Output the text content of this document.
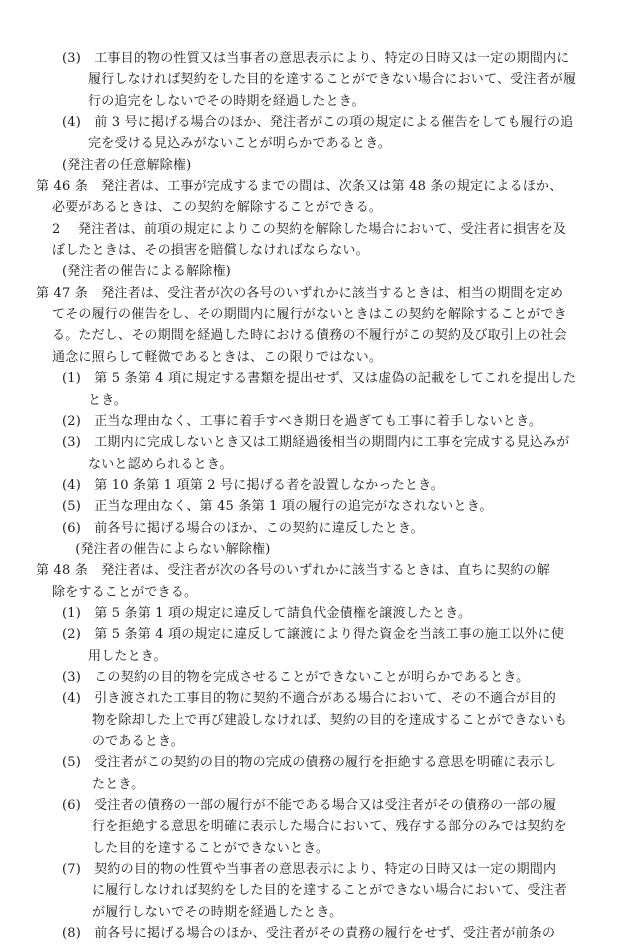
(3)　工事目的物の性質又は当事者の意思表示により、特定の日時又は一定の期間内に
履行しなければ契約をした目的を達することができない場合において、受注者が履
行の追完をしないでその時期を経過したとき。
(4)　前 3 号に掲げる場合のほか、発注者がこの項の規定による催告をしても履行の追
完を受ける見込みがないことが明らかであるとき。
(発注者の任意解除権)
第 46 条　発注者は、工事が完成するまでの間は、次条又は第 48 条の規定によるほか、
必要があるときは、この契約を解除することができる。
2　 発注者は、前項の規定によりこの契約を解除した場合において、受注者に損害を及
ぼしたときは、その損害を賠償しなければならない。
(発注者の催告による解除権)
第 47 条　発注者は、受注者が次の各号のいずれかに該当するときは、相当の期間を定め
てその履行の催告をし、その期間内に履行がないときはこの契約を解除することができ
る。ただし、その期間を経過した時における債務の不履行がこの契約及び取引上の社会
通念に照らして軽微であるときは、この限りではない。
(1)　第 5 条第 4 項に規定する書類を提出せず、又は虚偽の記載をしてこれを提出した
とき。
(2)　正当な理由なく、工事に着手すべき期日を過ぎても工事に着手しないとき。
(3)　工期内に完成しないとき又は工期経過後相当の期間内に工事を完成する見込みが
ないと認められるとき。
(4)　第 10 条第 1 項第 2 号に掲げる者を設置しなかったとき。
(5)　正当な理由なく、第 45 条第 1 項の履行の追完がなされないとき。
(6)　前各号に掲げる場合のほか、この契約に違反したとき。
　(発注者の催告によらない解除権)
第 48 条　発注者は、受注者が次の各号のいずれかに該当するときは、直ちに契約の解
除をすることができる。
(1)　第 5 条第 1 項の規定に違反して請負代金債権を譲渡したとき。
(2)　第 5 条第 4 項の規定に違反して譲渡により得た資金を当該工事の施工以外に使
用したとき。
(3)　この契約の目的物を完成させることができないことが明らかであるとき。
(4)　引き渡された工事目的物に契約不適合がある場合において、その不適合が目的
物を除却した上で再び建設しなければ、契約の目的を達成することができないも
のであるとき。
(5)　受注者がこの契約の目的物の完成の債務の履行を拒絶する意思を明確に表示し
たとき。
(6)　受注者の債務の一部の履行が不能である場合又は受注者がその債務の一部の履
行を拒絶する意思を明確に表示した場合において、残存する部分のみでは契約を
した目的を達することができないとき。
(7)　契約の目的物の性質や当事者の意思表示により、特定の日時又は一定の期間内
に履行しなければ契約をした目的を達することができない場合において、受注者
が履行しないでその時期を経過したとき。
(8)　前各号に掲げる場合のほか、受注者がその責務の履行をせず、受注者が前条の
